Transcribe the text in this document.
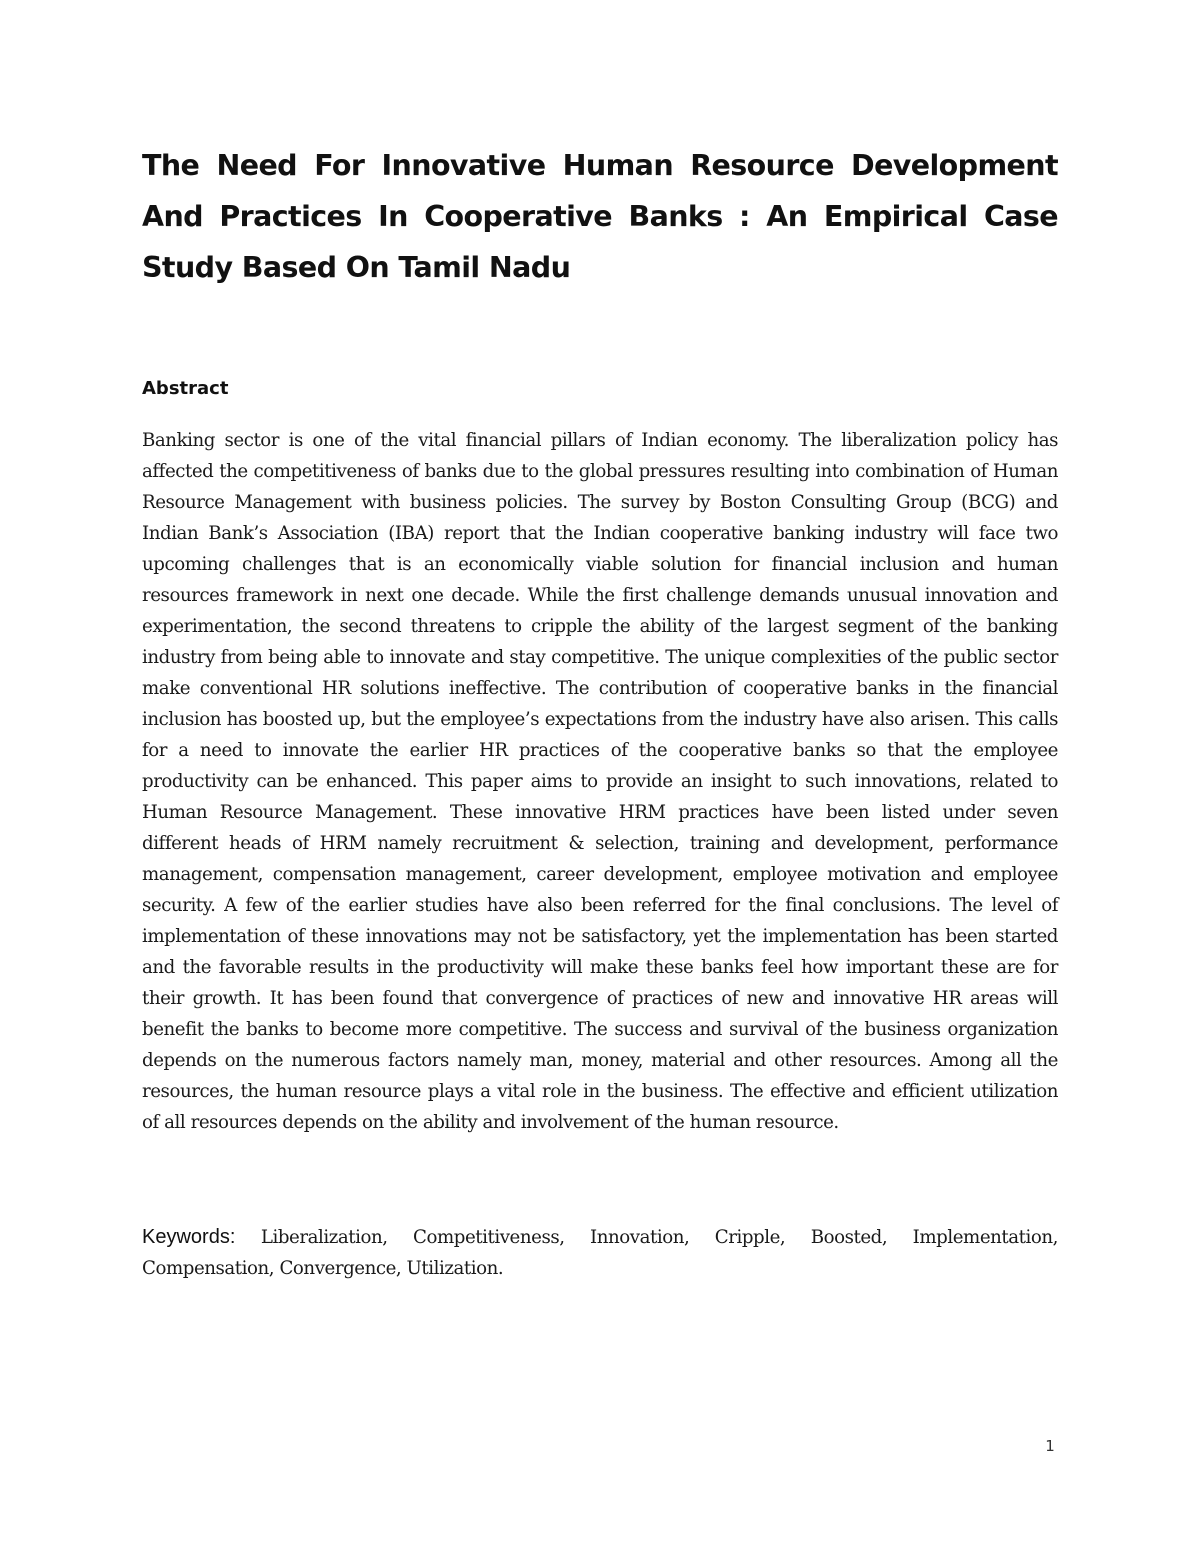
The Need For Innovative Human Resource Development And Practices In Cooperative Banks : An Empirical Case Study Based On Tamil Nadu
Abstract

Banking sector is one of the vital financial pillars of Indian economy. The liberalization policy has affected the competitiveness of banks due to the global pressures resulting into combination of Human Resource Management with business policies. The survey by Boston Consulting Group (BCG) and Indian Bank’s Association (IBA) report that the Indian cooperative banking industry will face two upcoming challenges that is an economically viable solution for financial inclusion and human resources framework in next one decade. While the first challenge demands unusual innovation and experimentation, the second threatens to cripple the ability of the largest segment of the banking industry from being able to innovate and stay competitive. The unique complexities of the public sector make conventional HR solutions ineffective. The contribution of cooperative banks in the financial inclusion has boosted up, but the employee’s expectations from the industry have also arisen. This calls for a need to innovate the earlier HR practices of the cooperative banks so that the employee productivity can be enhanced. This paper aims to provide an insight to such innovations, related to Human Resource Management. These innovative HRM practices have been listed under seven different heads of HRM namely recruitment & selection, training and development, performance management, compensation management, career development, employee motivation and employee security. A few of the earlier studies have also been referred for the final conclusions. The level of implementation of these innovations may not be satisfactory, yet the implementation has been started and the favorable results in the productivity will make these banks feel how important these are for their growth. It has been found that convergence of practices of new and innovative HR areas will benefit the banks to become more competitive. The success and survival of the business organization depends on the numerous factors namely man, money, material and other resources. Among all the resources, the human resource plays a vital role in the business. The effective and efficient utilization of all resources depends on the ability and involvement of the human resource.

Keywords: Liberalization, Competitiveness, Innovation, Cripple, Boosted, Implementation, Compensation, Convergence, Utilization.

1
